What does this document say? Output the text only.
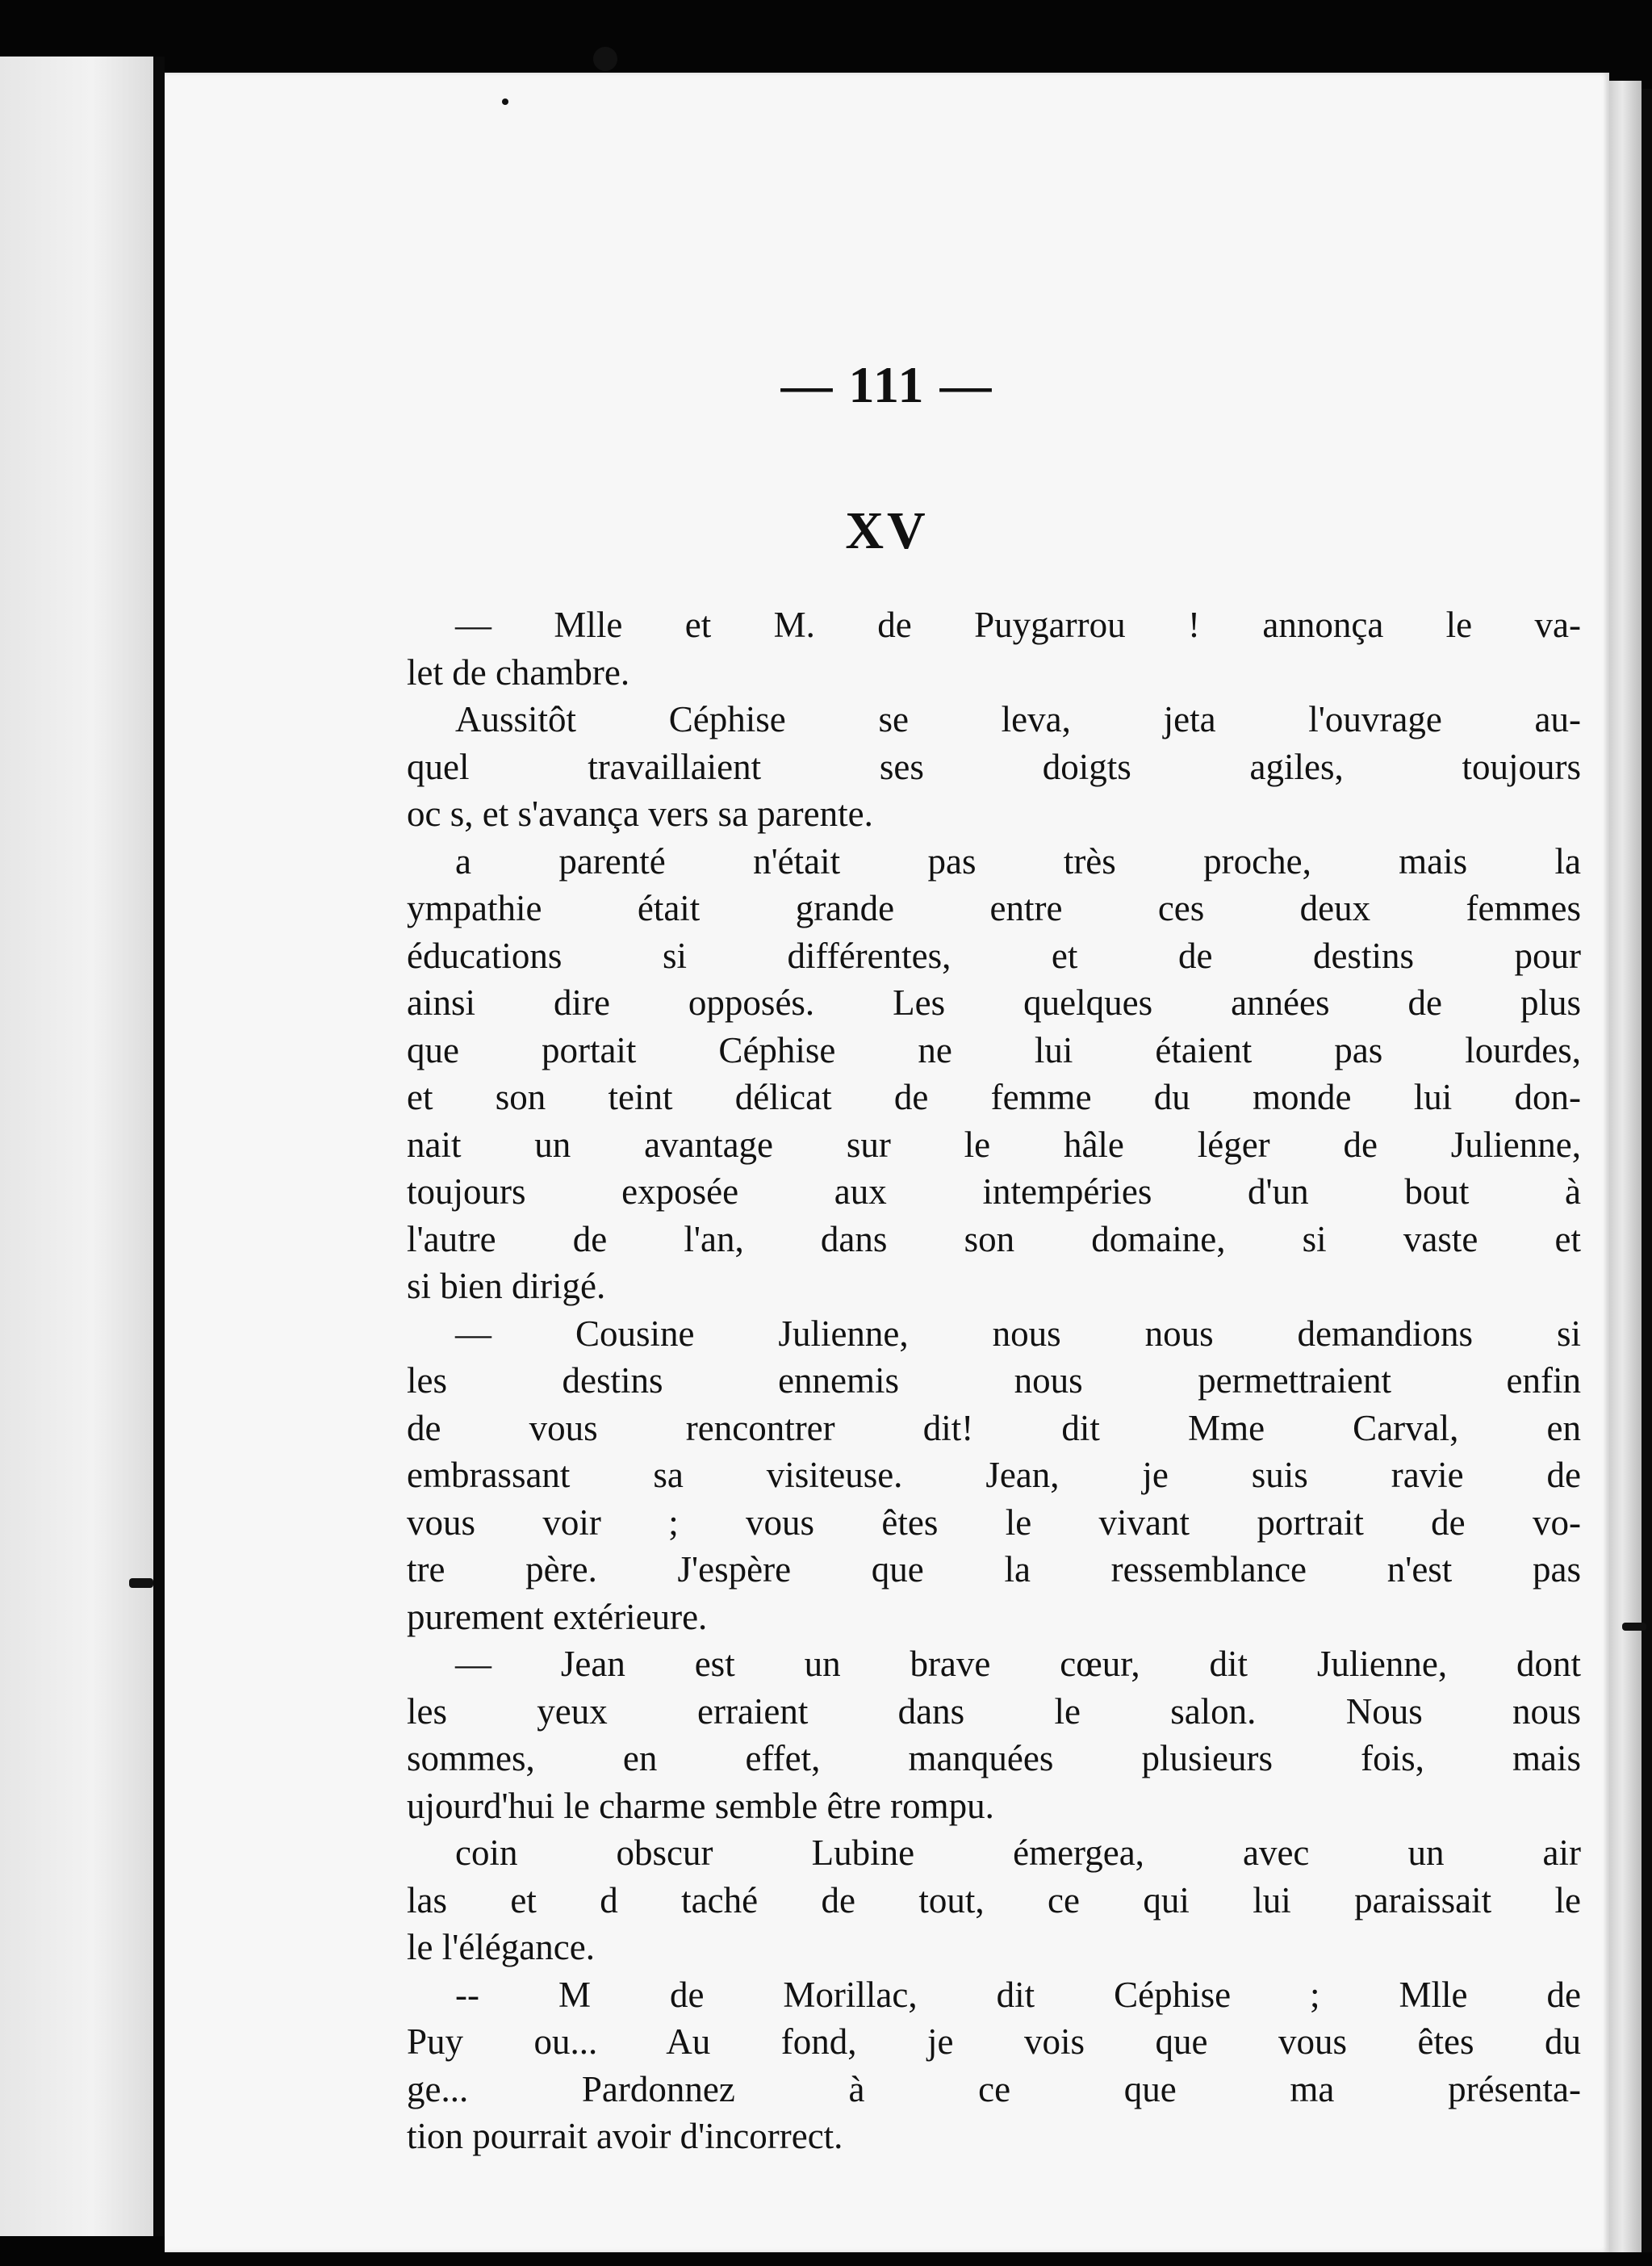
— 111 —
XV
— Mlle et M. de Puygarrou ! annonça le va-
let de chambre.
Aussitôt Céphise se leva, jeta l'ouvrage au-
quel travaillaient ses doigts agiles, toujours
oc s, et s'avança vers sa parente.
a parenté n'était pas très proche, mais la
ympathie était grande entre ces deux femmes
éducations si différentes, et de destins pour
ainsi dire opposés. Les quelques années de plus
que portait Céphise ne lui étaient pas lourdes,
et son teint délicat de femme du monde lui don-
nait un avantage sur le hâle léger de Julienne,
toujours exposée aux intempéries d'un bout à
l'autre de l'an, dans son domaine, si vaste et
si bien dirigé.
— Cousine Julienne, nous nous demandions si
les destins ennemis nous permettraient enfin
de vous rencontrer dit! dit Mme Carval, en
embrassant sa visiteuse. Jean, je suis ravie de
vous voir ; vous êtes le vivant portrait de vo-
tre père. J'espère que la ressemblance n'est pas
purement extérieure.
— Jean est un brave cœur, dit Julienne, dont
les yeux erraient dans le salon. Nous nous
sommes, en effet, manquées plusieurs fois, mais
ujourd'hui le charme semble être rompu.
coin obscur Lubine émergea, avec un air
las et d tаché de tout, ce qui lui paraissait le
le l'élégance.
-- M de Morillac, dit Céphise ; Mlle de
Puy ou... Au fond, je vois que vous êtes du
ge... Pardonnez à ce que ma présenta-
tion pourrait avoir d'incorrect.
